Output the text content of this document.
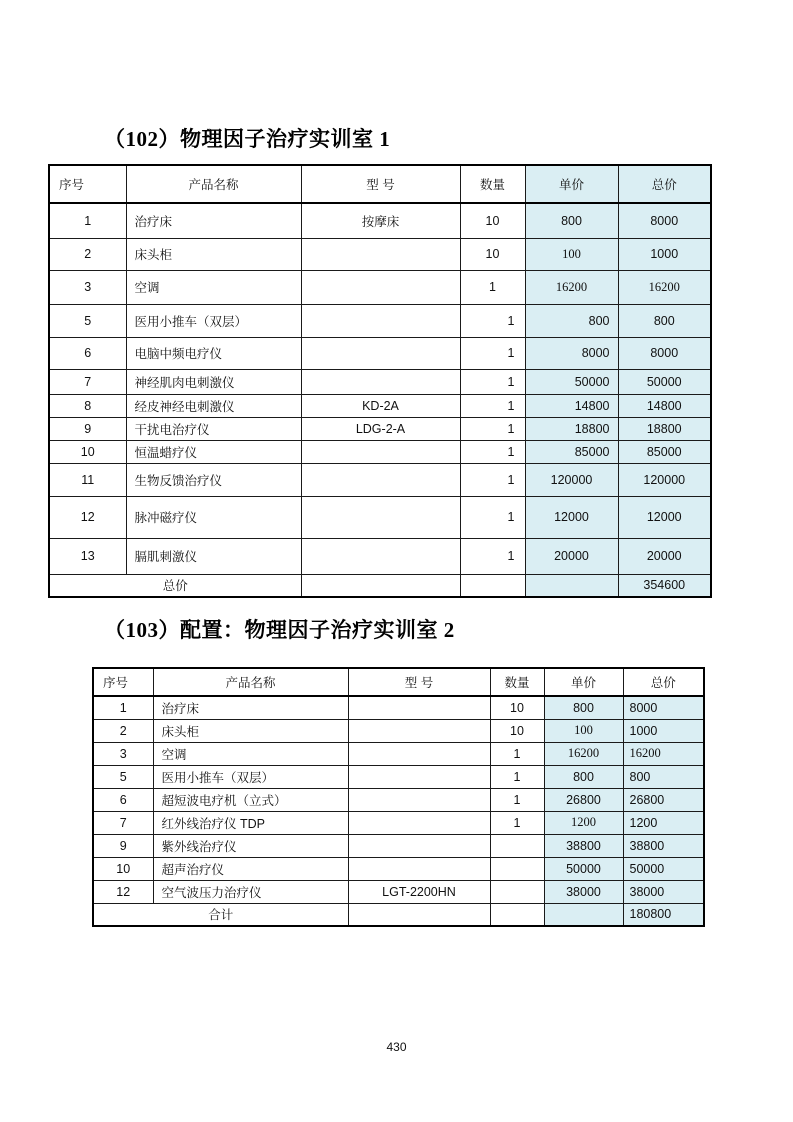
（102）物理因子治疗实训室 1
序号	产品名称	型 号	数量	单价	总价
1	治疗床	按摩床	10	800	8000
2	床头柜		10	100	1000
3	空调		1	16200	16200
5	医用小推车（双层）		1	800	800
6	电脑中频电疗仪		1	8000	8000
7	神经肌肉电刺激仪		1	50000	50000
8	经皮神经电刺激仪	KD-2A	1	14800	14800
9	干扰电治疗仪	LDG-2-A	1	18800	18800
10	恒温蜡疗仪		1	85000	85000
11	生物反馈治疗仪		1	120000	120000
12	脉冲磁疗仪		1	12000	12000
13	膈肌刺激仪		1	20000	20000
总价					354600
（103）配置：物理因子治疗实训室 2
序号	产品名称	型 号	数量	单价	总价
1	治疗床		10	800	8000
2	床头柜		10	100	1000
3	空调		1	16200	16200
5	医用小推车（双层）		1	800	800
6	超短波电疗机（立式）		1	26800	26800
7	红外线治疗仪 TDP		1	1200	1200
9	紫外线治疗仪			38800	38800
10	超声治疗仪			50000	50000
12	空气波压力治疗仪	LGT-2200HN		38000	38000
合计					180800
430
